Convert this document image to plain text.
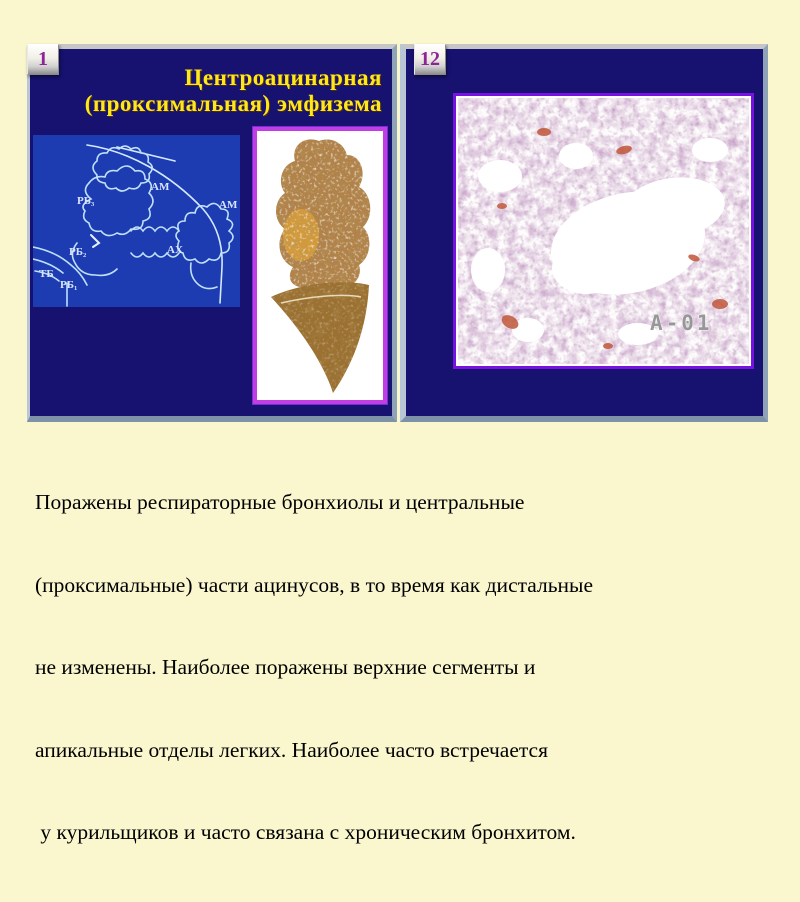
1
Центроацинарная
(проксимальная) эмфизема
АМ
АМ
РБ₃
АХ
РБ₂
ТБ
РБ₁
12
A-01

Поражены респираторные бронхиолы и центральные

(проксимальные) части ацинусов, в то время как дистальные

не изменены. Наиболее поражены верхние сегменты и

апикальные отделы легких. Наиболее часто встречается

у курильщиков и часто связана с хроническим бронхитом.
